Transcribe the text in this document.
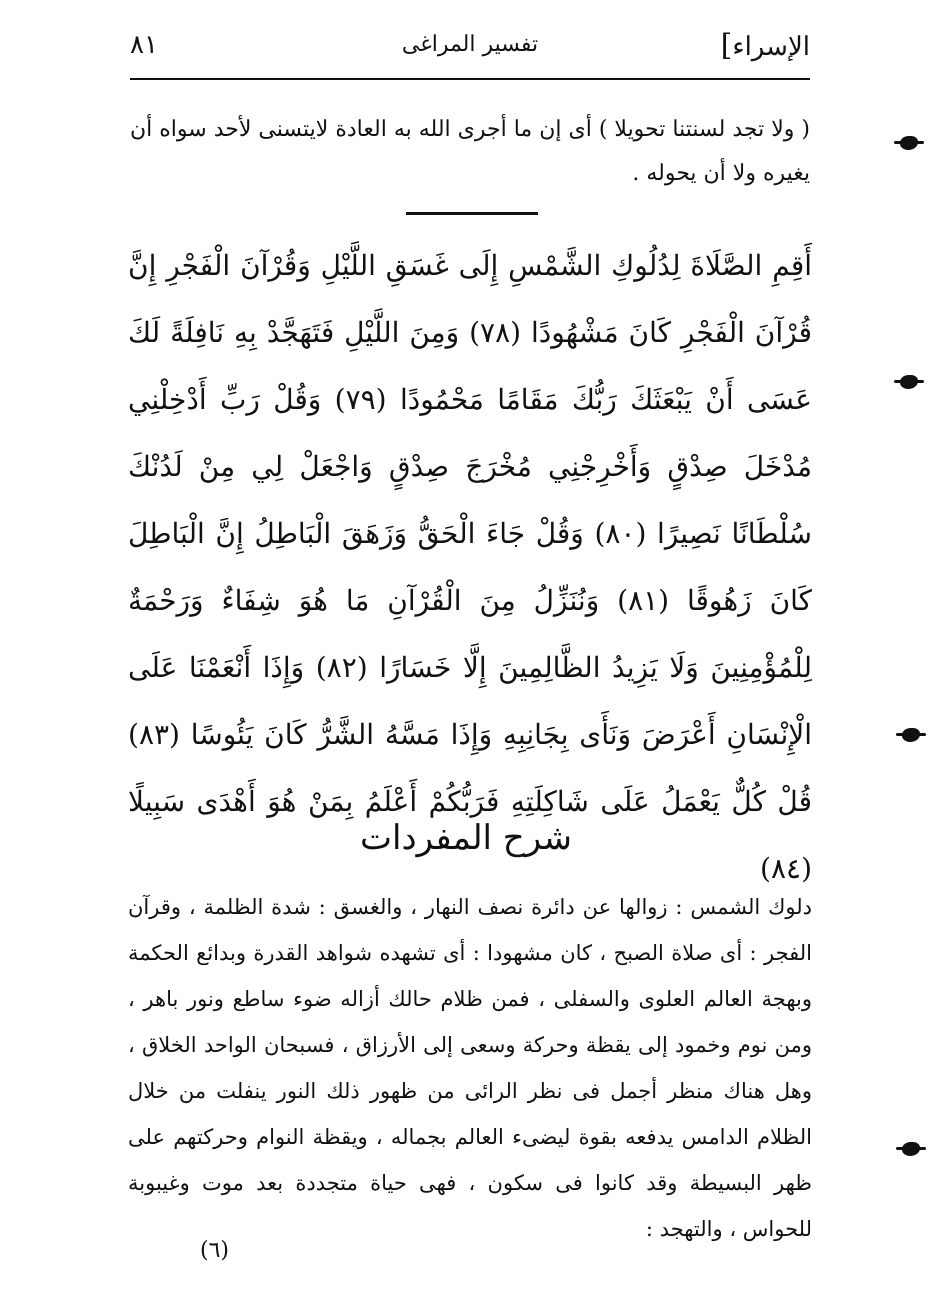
الإسراء]
تفسير المراغى
٨١
( ولا تجد لسنتنا تحويلا ) أى إن ما أجرى الله به العادة لايتسنى لأحد سواه أن يغيره ولا أن يحوله .
أَقِمِ الصَّلَاةَ لِدُلُوكِ الشَّمْسِ إِلَى غَسَقِ اللَّيْلِ وَقُرْآنَ الْفَجْرِ إِنَّ قُرْآنَ الْفَجْرِ كَانَ مَشْهُودًا (٧٨) وَمِنَ اللَّيْلِ فَتَهَجَّدْ بِهِ نَافِلَةً لَكَ عَسَى أَنْ يَبْعَثَكَ رَبُّكَ مَقَامًا مَحْمُودًا (٧٩) وَقُلْ رَبِّ أَدْخِلْنِي مُدْخَلَ صِدْقٍ وَأَخْرِجْنِي مُخْرَجَ صِدْقٍ وَاجْعَلْ لِي مِنْ لَدُنْكَ سُلْطَانًا نَصِيرًا (٨٠) وَقُلْ جَاءَ الْحَقُّ وَزَهَقَ الْبَاطِلُ إِنَّ الْبَاطِلَ كَانَ زَهُوقًا (٨١) وَنُنَزِّلُ مِنَ الْقُرْآنِ مَا هُوَ شِفَاءٌ وَرَحْمَةٌ لِلْمُؤْمِنِينَ وَلَا يَزِيدُ الظَّالِمِينَ إِلَّا خَسَارًا (٨٢) وَإِذَا أَنْعَمْنَا عَلَى الْإِنْسَانِ أَعْرَضَ وَنَأَى بِجَانِبِهِ وَإِذَا مَسَّهُ الشَّرُّ كَانَ يَئُوسًا (٨٣) قُلْ كُلٌّ يَعْمَلُ عَلَى شَاكِلَتِهِ فَرَبُّكُمْ أَعْلَمُ بِمَنْ هُوَ أَهْدَى سَبِيلًا (٨٤)
شرح المفردات
دلوك الشمس : زوالها عن دائرة نصف النهار ، والغسق : شدة الظلمة ، وقرآن الفجر : أى صلاة الصبح ، كان مشهودا : أى تشهده شواهد القدرة وبدائع الحكمة وبهجة العالم العلوى والسفلى ، فمن ظلام حالك أزاله ضوء ساطع ونور باهر ، ومن نوم وخمود إلى يقظة وحركة وسعى إلى الأرزاق ، فسبحان الواحد الخلاق ، وهل هناك منظر أجمل فى نظر الرائى من ظهور ذلك النور ينفلت من خلال الظلام الدامس يدفعه بقوة ليضىء العالم بجماله ، ويقظة النوام وحركتهم على ظهر البسيطة وقد كانوا فى سكون ، فهى حياة متجددة بعد موت وغيبوبة للحواس ، والتهجد :
(٦)
